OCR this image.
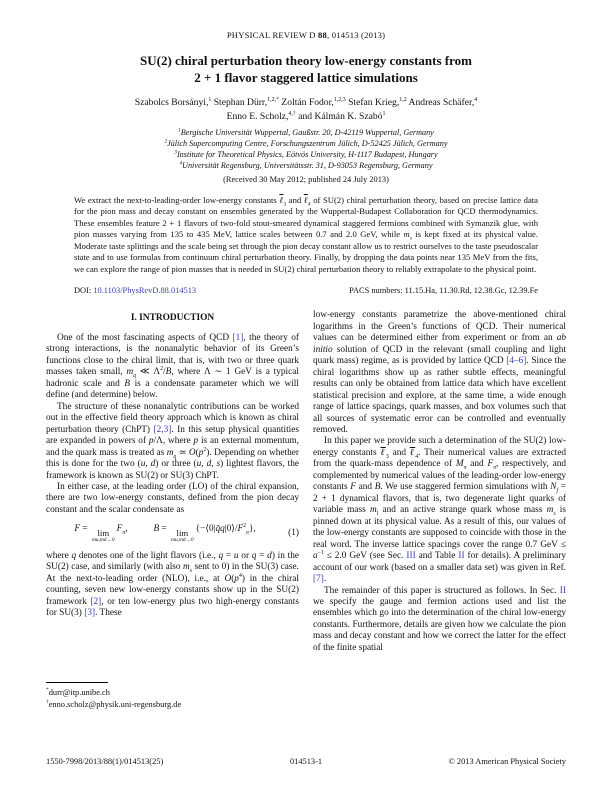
PHYSICAL REVIEW D 88, 014513 (2013)
SU(2) chiral perturbation theory low-energy constants from
2 + 1 flavor staggered lattice simulations
Szabolcs Borsányi,$^1$ Stephan Dürr,$^{1,2,*}$ Zoltán Fodor,$^{1,2,3}$ Stefan Krieg,$^{1,2}$ Andreas Schäfer,$^4$
Enno E. Scholz,$^{4,\dagger}$ and Kálmán K. Szabó$^1$
$^1$Bergische Universität Wuppertal, Gaußstr. 20, D-42119 Wuppertal, Germany
$^2$Jülich Supercomputing Centre, Forschungszentrum Jülich, D-52425 Jülich, Germany
$^3$Institute for Theoretical Physics, Eötvös University, H-1117 Budapest, Hungary
$^4$Universität Regensburg, Universitätsstr. 31, D-93053 Regensburg, Germany
(Received 30 May 2012; published 24 July 2013)
We extract the next-to-leading-order low-energy constants ℓ$_3$ and ℓ$_4$ of SU(2) chiral perturbation theory, based on precise lattice data for the pion mass and decay constant on ensembles generated by the Wuppertal-Budapest Collaboration for QCD thermodynamics. These ensembles feature 2 + 1 flavors of two-fold stout-smeared dynamical staggered fermions combined with Symanzik glue, with pion masses varying from 135 to 435 MeV, lattice scales between 0.7 and 2.0 GeV, while $m_s$ is kept fixed at its physical value. Moderate taste splittings and the scale being set through the pion decay constant allow us to restrict ourselves to the taste pseudoscalar state and to use formulas from continuum chiral perturbation theory. Finally, by dropping the data points near 135 MeV from the fits, we can explore the range of pion masses that is needed in SU(2) chiral perturbation theory to reliably extrapolate to the physical point.
DOI: 10.1103/PhysRevD.88.014513	PACS numbers: 11.15.Ha, 11.30.Rd, 12.38.Gc, 12.39.Fe
I. INTRODUCTION

One of the most fascinating aspects of QCD [1], the theory of strong interactions, is the nonanalytic behavior of its Green’s functions close to the chiral limit, that is, with two or three quark masses taken small, $m_q$ ≪ $\Lambda^2/B$, where Λ ∼ 1 GeV is a typical hadronic scale and B is a condensate parameter which we will define (and determine) below.

The structure of these nonanalytic contributions can be worked out in the effective field theory approach which is known as chiral perturbation theory (ChPT) [2,3]. In this setup physical quantities are expanded in powers of p/Λ, where p is an external momentum, and the quark mass is treated as $m_q$ ≃ $O(p^2)$. Depending on whether this is done for the two (u, d) or three (u, d, s) lightest flavors, the framework is known as SU(2) or SU(3) ChPT.

In either case, at the leading order (LO) of the chiral expansion, there are two low-energy constants, defined from the pion decay constant and the scalar condensate as

$F = \lim mu,md\to 0F_\pi$,	$B = \lim mu,md\to 0\{-⟨0|q̄q|0⟩/F^2_\pi\}$,	(1)

where q denotes one of the light flavors (i.e., q = u or q = d) in the SU(2) case, and similarly (with also $m_s$ sent to 0) in the SU(3) case. At the next-to-leading order (NLO), i.e., at $O(p^4)$ in the chiral counting, seven new low-energy constants show up in the SU(2) framework [2], or ten low-energy plus two high-energy constants for SU(3) [3]. These

*durr@itp.unibe.ch
†enno.scholz@physik.uni-regensburg.de

low-energy constants parametrize the above-mentioned chiral logarithms in the Green’s functions of QCD. Their numerical values can be determined either from experiment or from an ab initio solution of QCD in the relevant (small coupling and light quark mass) regime, as is provided by lattice QCD [4–6]. Since the chiral logarithms show up as rather subtle effects, meaningful results can only be obtained from lattice data which have excellent statistical precision and explore, at the same time, a wide enough range of lattice spacings, quark masses, and box volumes such that all sources of systematic error can be controlled and eventually removed.

In this paper we provide such a determination of the SU(2) low-energy constants ℓ$_3$ and ℓ$_4$. Their numerical values are extracted from the quark-mass dependence of $M_\pi$ and $F_\pi$, respectively, and complemented by numerical values of the leading-order low-energy constants F and B. We use staggered fermion simulations with $N_f = 2 + 1$ dynamical flavors, that is, two degenerate light quarks of variable mass $m_l$ and an active strange quark whose mass $m_s$ is pinned down at its physical value. As a result of this, our values of the low-energy constants are supposed to coincide with those in the real word. The inverse lattice spacings cover the range 0.7 GeV ≤ $a^{-1} \le 2.0$ GeV (see Sec. III and Table II for details). A preliminary account of our work (based on a smaller data set) was given in Ref. [7].

The remainder of this paper is structured as follows. In Sec. II we specify the gauge and fermion actions used and list the ensembles which go into the determination of the chiral low-energy constants. Furthermore, details are given how we calculate the pion mass and decay constant and how we correct the latter for the effect of the finite spatial

1550-7998/2013/88(1)/014513(25)	014513-1	© 2013 American Physical Society
